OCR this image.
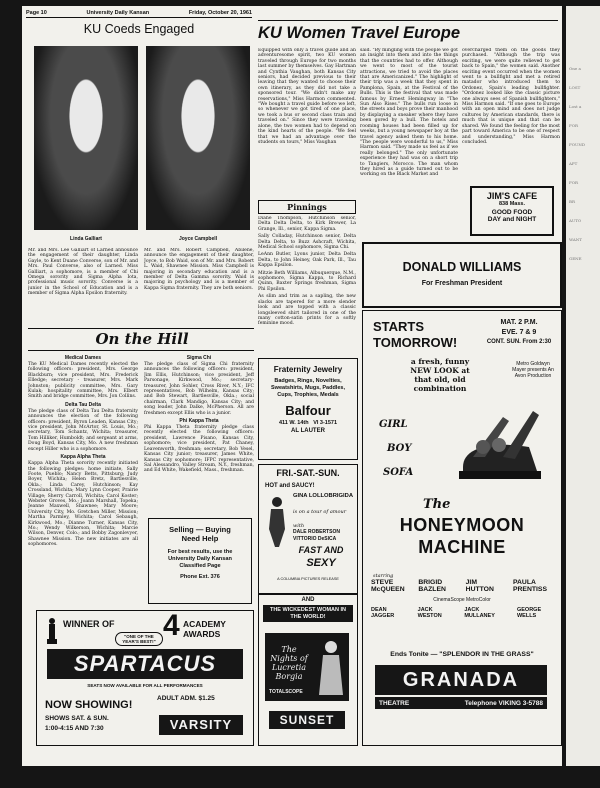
Page 10	University Daily Kansan	Friday, October 20, 1961
KU Coeds Engaged
Linda Galliart	Joyce Campbell

Mr. and Mrs. Lee Galliart of Larned announce the engagement of their daughter, Linda Gayle, to Kent Duane Converse, son of Mr. and Mrs. Paul Converse, also of Larned. Miss Galliart, a sophomore, is a member of Chi Omega sorority and Sigma Alpha Iota, professional music sorority. Converse is a junior in the School of Education and is a member of Sigma Alpha Epsilon fraternity.

Mr. and Mrs. Robert Campbell, Abilene, announce the engagement of their daughter, Joyce, to Bob Waid, son of Mr. and Mrs. Robert L. Waid, Shawnee Mission. Miss Campbell is majoring in secondary education and is a member of Delta Gamma sorority. Waid is majoring in psychology and is a member of Kappa Sigma fraternity. They are both seniors.

On the Hill
Medical Dames

The KU Medical Dames recently elected the following officers: president, Mrs. George Blackburn; vice president, Mrs. Frederick Elledge; secretary - treasurer, Mrs. Mark Johnston; publicity committee, Mrs. Gary Kulak; hospitality committee, Mrs. Elbert Smith and bridge committee, Mrs. Jon Collins.

Delta Tau Delta

The pledge class of Delta Tau Delta fraternity announces the election of the following officers: president, Byron Leaden, Kansas City; vice president, John McArtor, St. Louis, Mo.; secretary, Tom Schantz, Wichita; treasurer, Tom Hilliker, Humboldt; and sergeant at arms, Doug Boyd, Kansas City, Mo. A new freshman except Hiller who is a sophomore.

Kappa Alpha Theta

Kappa Alpha Theta sorority recently initiated the following pledges: home initiate, Sally Foote, Pueblo; Nancy Betts, Pittsburg; Judy Boyer, Wichita; Helen Bretz, Bartlesville, Okla.; Linda Carey, Hutchinson; Kay Crossland, Wichita; Mary Lynn Cooper, Prairie Village; Sherry Carroll, Wichita; Carol Koster; Webster Groves, Mo.; Joann Marshall, Topeka; Jeanne Maxwell, Shawnee; Mary Moore; University City, Mo. Gretchen Miller, Mission; Martha Parmley, Wichita; Carol Sebaugh, Kirkwood, Mo.; Dianne Turner, Kansas City, Mo.; Wendy Wilkerson, Wichita; Marcie Wilson, Denver, Colo.; and Bobby Zagonlevyer, Shawnee Mission. The new initiates are all sophomores.

Sigma Chi

The pledge class of Sigma Chi fraternity announces the following officers: president, Jim Ellis, Hutchinson; vice president, Jeff Parsonage, Kirkwood, Mo.; secretary-treasurer, John Sohler, Cross River, N.Y.; IFC representatives, Bob Wilhelm, Kansas City; and Bob Stewart, Bartlesville, Okla.; social chairman, Clark Mandigo, Kansas City; and song leader, John Dalke, McPherson. All are freshmen except Ellis who is a junior.

Phi Kappa Theta

Phi Kappa Theta fraternity pledge class recently elected the following officers: president, Lawrence Pisano, Kansas City, sophomore; vice president, Pat Chaney, Leavenworth, freshman; secretary, Bob Vesel, Kansas City junior; treasurer, James White, Kansas City sophomore; IFPC representative, Sal Alessandro, Valley Stream, N.Y., freshman, and Ed White, Wakefield, Mass., freshman.

Selling — Buying
Need Help
For best results, use the University Daily Kansan Classified Page
Phone Ext. 376
WINNER OF 4 ACADEMY AWARDS
"ONE OF THE YEAR'S BEST!"
SPARTACUS
SEATS NOW AVAILABLE FOR ALL PERFORMANCES
ADULT ADM. $1.25
NOW SHOWING!
SHOWS SAT. & SUN.
1:00-4:15 AND 7:30	VARSITY
KU Women Travel Europe

Equipped with only a travel guide and an adventuresome spirit, two KU women traveled through Europe for two months last summer by themselves. Gay Hartman and Cynthia Vaughan, both Kansas City seniors, had decided previous to their leaving that they wanted to choose their own itinerary, as they did not take a sponsored tour. "We didn't make any reservations," Miss Harmon commented. "We bought a travel guide before we left, so whenever we got tired of one place, we took a bus or second class train and traveled on." Since they were traveling alone, the two women had to depend on the kind hearts of the people. "We feel that we had an advantage over the students on tours," Miss Vaughan

said. "By mingling with the people we got an insight into them and into the things that the countries had to offer. Although we went to most of the tourist attractions, we tried to avoid the places that are Americanized." The highlight of their trip was a week that they spent in Pamplona, Spain, at the Festival of the Bulls. This is the festival that was made famous by Ernest Hemingway in "The Sun Also Rises." The bulls run loose in the streets and boys prove their manhood by displaying a sneaker where they have been gored by a bull. The hotels and rooming houses had been filled up for weeks, but a young newspaper boy at the travel agency asked them to his home. "The people were wonderful to us," Miss Harmon said. "They made us feel as if we really belonged." The only unfortunate experience they had was on a short trip to Tangiers, Morocco. The man whom they hired as a guide turned out to be working on the Black Market and

overcharged them on the goods they purchased. "Although the trip was exciting, we were quite relieved to get back to Spain," the women said. Another exciting event occurred when the women went to a bullfight and met a retired matador who introduced them to Ordonez, Spain's leading bullfighter. "Ordonez looked like the classic picture one always sees of Spanish bullfighters," Miss Harmon said. "If one goes to Europe with an open mind and does not judge cultures by American standards, there is much that is unique and that can be shared. We found the feeling for the most part toward America to be one of respect and understanding," Miss Harmon concluded.

JIM'S CAFE
838 Mass.
GOOD FOOD
DAY and NIGHT
Pinnings

Diane Thompson, Hutchinson senior, Delta Delta Delta, to Kirk Brewer, La Grange, Ill., senior, Kappa Sigma.

Sally Colladay, Hutchinson senior, Delta Delta Delta, to Buzz Ashcraft, Wichita, Medical School sophomore, Sigma Chi.

LeAnn Butler, Lyons junior, Delta Delta Delta, to John Heiney, Oak Park, Ill., Tau Kappa Epsilon.

Mitzie Beth Williams, Albuquerque, N.M., sophomore, Sigma Kappa, to Richard Quinn, Baxter Springs freshman, Sigma Phi Epsilon.

As slim and trim as a sapling, the new slacks are tapered for a more slender look and are topped with a classic longsleeved shirt tailored in one of the many cotton-satin prints for a softly feminine mood.

DONALD WILLIAMS
For Freshman President
Fraternity Jewelry
Badges, Rings, Novelties, Sweatshirts, Mugs, Paddles, Cups, Trophies, Medals
Balfour
411 W. 14th VI 3-1571
AL LAUTER
FRI.-SAT.-SUN.
HOT and SAUCY!
GINA LOLLOBRIGIDA
is on a tour of amour
with
DALE ROBERTSON
VITTORIO DeSICA
FAST AND
SEXY
A COLUMBIA PICTURES RELEASE
AND
THE WICKEDEST WOMAN IN THE WORLD!
The Nights of Lucretia Borgia
TOTALSCOPE
SUNSET
STARTS
TOMORROW!
MAT. 2 P.M.
EVE. 7 & 9
CONT. SUN. From 2:30
a fresh, funny NEW LOOK at that old, old combination
Metro Goldwyn Mayer presents An Avon Production
GIRL
BOY
SOFA
The
HONEYMOON
MACHINE
starring
STEVE McQUEEN
BRIGID BAZLEN
JIM HUTTON
PAULA PRENTISS
DEAN JAGGER
JACK WESTON
JACK MULLANEY
GEORGE WELLS
CinemaScope MetroColor
Ends Tonite — "SPLENDOR IN THE GRASS"
GRANADA
THEATRE	Telephone VIKING 3-5788
One a
LOST
Lost a
FOR
FOUND
APT
FOR
BR
AUTO
WANT
GENE
